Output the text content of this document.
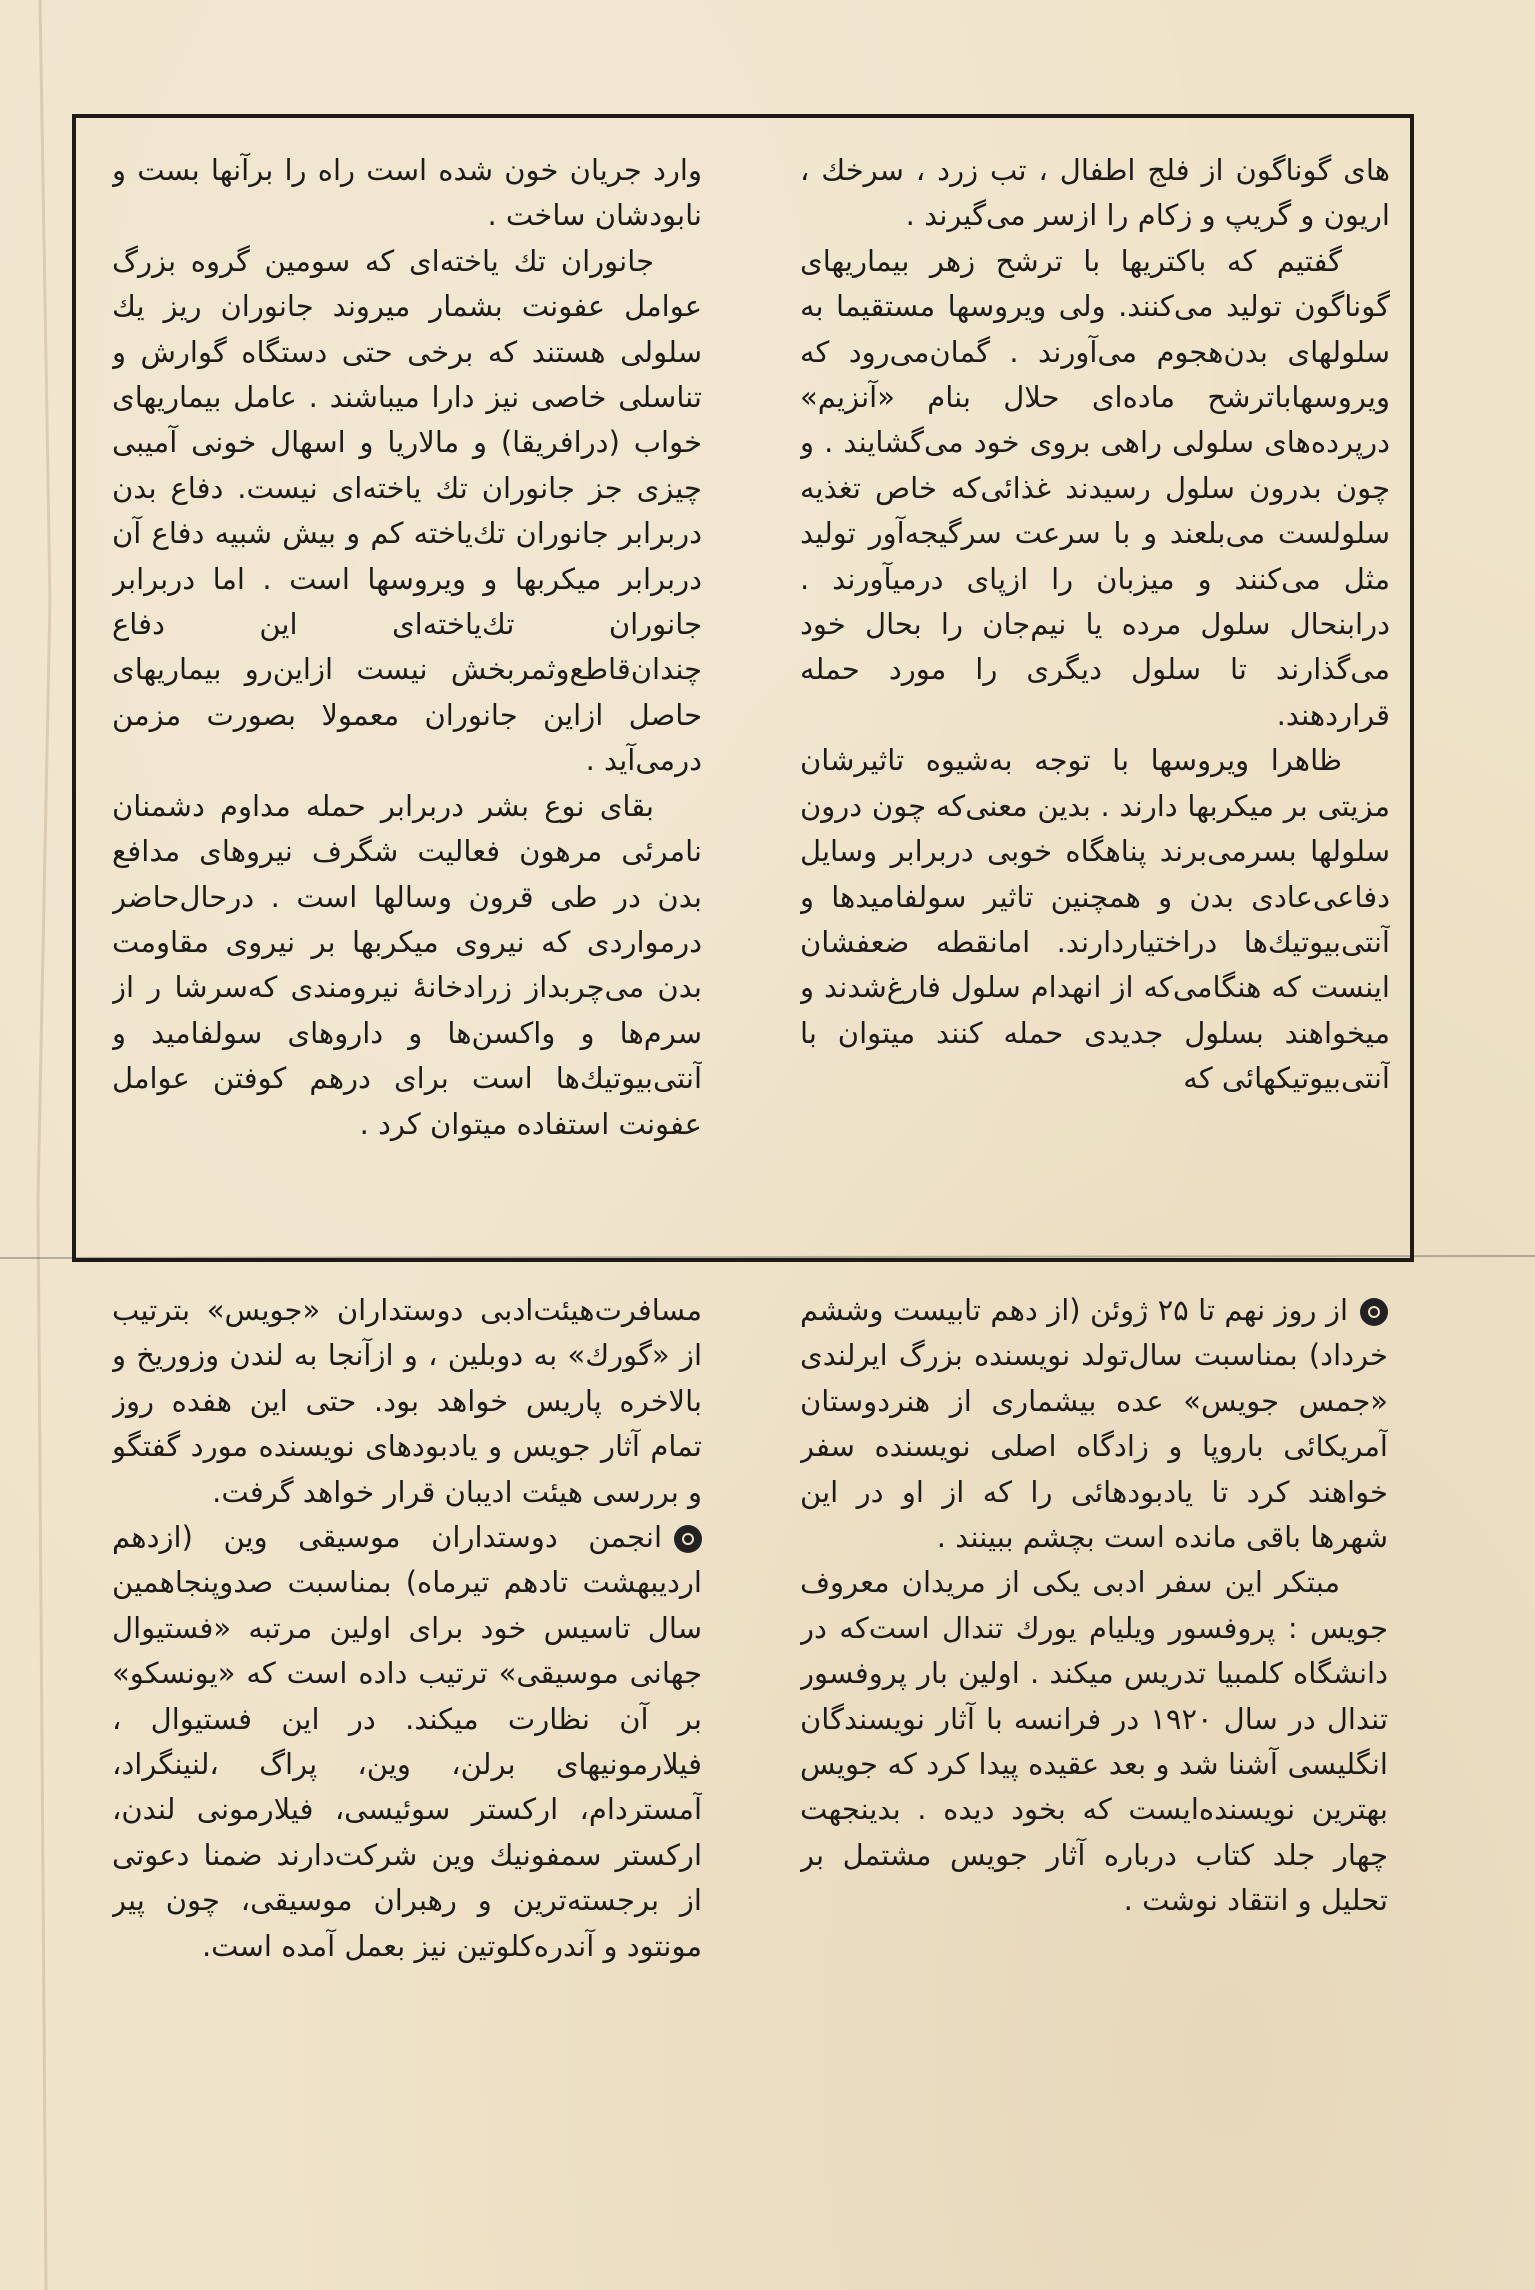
های گوناگون از فلج اطفال ، تب زرد ، سرخك ، اریون و گریپ و زكام را ازسر می‌گیرند .

گفتیم كه باكتریها با ترشح زهر بیماریهای گوناگون تولید می‌كنند. ولی ویروسها مستقیما به سلولهای بدن‌هجوم می‌آورند . گمان‌می‌رود كه ویروسهاباترشح ماده‌ای حلال بنام «آنزیم» درپرده‌های سلولی راهی بروی خود می‌گشایند . و چون بدرون سلول رسیدند غذائی‌كه خاص تغذیه سلولست می‌بلعند و با سرعت سرگیجه‌آور تولید مثل می‌كنند و میزبان را ازپای درمیآورند . درابنحال سلول مرده یا نیم‌جان را بحال خود می‌گذارند تا سلول دیگری را مورد حمله قراردهند.

ظاهرا ویروسها با توجه به‌شیوه تاثیرشان مزیتی بر میكربها دارند . بدین معنی‌كه چون درون سلولها بسرمی‌برند پناهگاه خوبی دربرابر وسایل دفاعی‌عادی بدن و همچنین تاثیر سولفامیدها و آنتی‌بیوتیك‌ها دراختیاردارند. امانقطه ضعفشان اینست كه هنگامی‌كه از انهدام سلول فارغ‌شدند و میخواهند بسلول جدیدی حمله كنند میتوان با آنتی‌بیوتیكهائی كه

وارد جریان خون شده است راه را برآنها بست و نابودشان ساخت .

جانوران تك یاخته‌ای كه سومین گروه بزرگ عوامل عفونت بشمار میروند جانوران ریز یك سلولی هستند كه برخی حتی دستگاه گوارش و تناسلی خاصی نیز دارا میباشند . عامل بیماریهای خواب (درافریقا) و مالاریا و اسهال خونی آمیبی چیزی جز جانوران تك یاخته‌ای نیست. دفاع بدن دربرابر جانوران تك‌یاخته كم و بیش شبیه دفاع آن دربرابر میكربها و ویروسها است . اما دربرابر جانوران تك‌یاخته‌ای این دفاع چندان‌قاطع‌وثمربخش نیست ازاین‌رو بیماریهای حاصل ازاین جانوران معمولا بصورت مزمن درمی‌آید .

بقای نوع بشر دربرابر حمله مداوم دشمنان نامرئی مرهون فعالیت شگرف نیروهای مدافع بدن در طی قرون وسالها است . درحال‌حاضر درمواردی كه نیروی میكربها بر نیروی مقاومت بدن می‌چربداز زرادخانهٔ نیرومندی كه‌سرشا ر از سرم‌ها و واكسن‌ها و داروهای سولفامید و آنتی‌بیوتیك‌ها است برای درهم كوفتن عوامل عفونت استفاده میتوان كرد .

از روز نهم تا ۲۵ ژوئن (از دهم تابیست وششم خرداد) بمناسبت سال‌تولد نویسنده بزرگ ایرلندی «جمس جویس» عده بیشماری از هنردوستان آمریكائی باروپا و زادگاه اصلی نویسنده سفر خواهند كرد تا یادبودهائی را كه از او در این شهرها باقی مانده است بچشم ببینند .

مبتكر این سفر ادبی یكی از مریدان معروف جویس : پروفسور ویلیام یورك تندال است‌كه در دانشگاه كلمبیا تدریس میكند . اولین بار پروفسور تندال در سال ۱۹۲۰ در فرانسه با آثار نویسندگان انگلیسی آشنا شد و بعد عقیده پیدا كرد كه جویس بهترین نویسنده‌ایست كه بخود دیده . بدینجهت چهار جلد كتاب درباره آثار جویس مشتمل بر تحلیل و انتقاد نوشت .

مسافرت‌هیئت‌ادبی دوستداران «جویس» بترتیب از «گورك» به دوبلین ، و ازآنجا به لندن وزوریخ و بالاخره پاریس خواهد بود. حتی این هفده روز تمام آثار جویس و یادبودهای نویسنده مورد گفتگو و بررسی هیئت ادیبان قرار خواهد گرفت.

انجمن دوستداران موسیقی وین (ازدهم اردیبهشت تادهم تیرماه) بمناسبت صدوپنجاهمین سال تاسیس خود برای اولین مرتبه «فستیوال جهانی موسیقی» ترتیب داده است كه «یونسكو» بر آن نظارت میكند. در این فستیوال ، فیلارمونیهای برلن، وین، پراگ ،لنینگراد، آمستردام، اركستر سوئیسی، فیلارمونی لندن، اركستر سمفونیك وین شركت‌دارند ضمنا دعوتی از برجسته‌ترین و رهبران موسیقی، چون پیر مونتود و آندره‌كلوتین نیز بعمل آمده است.
